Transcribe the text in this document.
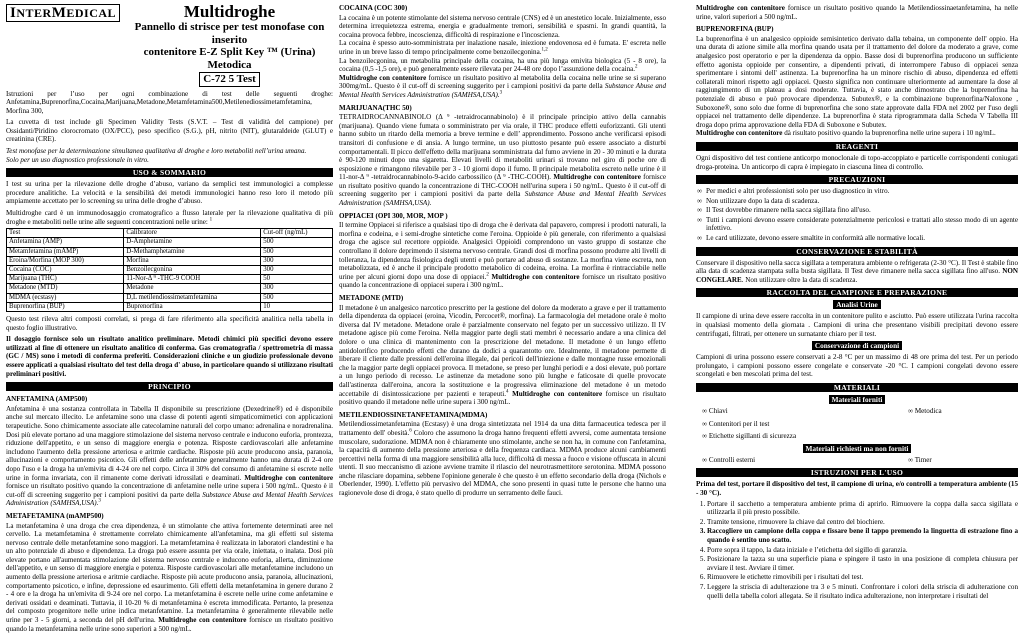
INTERMEDICAL	Multidroghe
Pannello di strisce per test monofase con inserito
contenitore E-Z Split Key ™ (Urina)
Metodica
C-72 5 Test

Istruzioni per l’uso per ogni combinazione di test delle seguenti droghe: Anfetamina,Buprenorfina,Cocaina,Marijuana,Metadone,Metamfetamina500,Metilenediossimetamfetamina, Morfina 300,

La cuvetta di test include gli Specimen Validity Tests (S.V.T. – Test di validità del campione) per Ossidanti/Piridino clorocromato (OX/PCC), peso specifico (S.G.), pH, nitrito (NIT), glutaraldeide (GLUT) e creatinina (CRE).

Test monofase per la determinazione simultanea qualitativa di droghe e loro metaboliti nell’urina umana.

Solo per un uso diagnostico professionale in vitro.

USO & SOMMARIO

I test su urina per la rilevazione delle droghe d’abuso, variano da semplici test immunologici a complesse procedure analitiche. La velocità e la sensibilità dei metodi immunologici hanno reso loro il metodo più ampiamente accettato per lo screening su urina delle droghe d’abuso.

Multidroghe card è un immunodosaggio cromatografico a flusso laterale per la rilevazione qualitativa di più droghe e metaboliti nelle urine alle seguenti concentrazioni nelle urine: $^1$

Test	Calibratore	Cut-off (ng/mL)
Anfetamina (AMP)	D-Amphetamine	500
Metamfetamina (mAMP)	D-Methamphetamine	500
Eroina/Morfina (MOP 300)	Morfina	300
Cocaina (COC)	Benzoilecgonina	300
Marijuana (THC)	11-Nor-Δ ⁹ -THC-9 COOH	50
Metadone (MTD)	Metadone	300
MDMA (ecstasy)	D,L metilendiossimetamfetamina	500
Buprenorfina (BUP)	Buprenorfina	10

Questo test rileva altri composti correlati, si prega di fare riferimento alla specificità analitica nella tabella in questo foglio illustrativo.

Il dosaggio fornisce solo un risultato analitico preliminare. Metodi chimici più specifici devono essere utilizzati al fine di ottenere un risultato analitico di conferma. Gas cromatografia / spettrometria di massa (GC / MS) sono i metodi di conferma preferiti. Considerazioni cliniche e un giudizio professionale devono essere applicati a qualsiasi risultato del test della droga d' abuso, in particolare quando si utilizzano risultati preliminari positivi.

PRINCIPIO
ANFETAMINA (AMP500)

Anfetamina è una sostanza controllata in Tabella II disponibile su prescrizione (Dexedrine®) ed è disponibile anche sul mercato illecito. Le anfetamine sono una classe di potenti agenti simpaticomimetici con applicazioni terapeutiche. Sono chimicamente associate alle catecolamine naturali del corpo umano: adrenalina e noradrenalina. Dosi più elevate portano ad una maggiore stimolazione del sistema nervoso centrale e inducono euforia, prontezza, riduzione dell'appetito, e un senso di maggiore energia e potenza. Risposte cardiovascolari alle anfetamine includono l'aumento della pressione arteriosa e aritmie cardiache. Risposte più acute producono ansia, paranoia, allucinazioni e comportamento psicotico. Gli effetti delle anfetamine generalmente hanno una durata di 2-4 ore dopo l'uso e la droga ha un'emivita di 4-24 ore nel corpo. Circa il 30% del consumo di anfetamine si escrete nelle urine in forma invariata, con il rimanente come derivati idrossilati e deaminati. Multidroghe con contenitore fornisce un risultato positivo quando la concentrazione di anfetamine nelle urine supera i 500 ng/mL. Questo è il cut-off di screening suggerito per i campioni positivi da parte della Substance Abuse and Mental Health Services Administration (SAMHSA,USA).$^3$

METAFETAMINA (mAMP500)

La metanfetamina è una droga che crea dipendenza, è un stimolante che attiva fortemente determinati aree nel cervello. La metamfetamina è strettamente correlato chimicamente all'anfetamina, ma gli effetti sul sistema nervoso centrale delle metanfetamine sono maggiori. La metamfetamina è realizzata in laboratori clandestini e ha un alto potenziale di abuso e dipendenza. La droga può essere assunta per via orale, iniettata, o inalata. Dosi più elevate portano all'aumentata stimolazione del sistema nervoso centrale e inducono euforia, allerta, diminuzione dell'appetito, e un senso di maggiore energia e potenza. Risposte cardiovascolari alle metanfetamine includono un aumento della pressione arteriosa e aritmie cardiache. Risposte più acute producono ansia, paranoia, allucinazioni, comportamento psicotico, e infine, depressione ed esaurimento. Gli effetti della metanfetamina in genere durano 2 - 4 ore e la droga ha un'emivita di 9-24 ore nel corpo. La metanfetamina è escrete nelle urine come anfetamine e derivati ossidati e deaminati. Tuttavia, il 10-20 % di metanfetamina è escreta immodificata. Pertanto, la presenza del composto progenitore nelle urine indica metanfetamine. La metanfetamina è generalmente rilevabile nelle urine per 3 - 5 giorni, a seconda del pH dell'urina. Multidroghe con contenitore fornisce un risultato positivo quando la metanfetamina nelle urine sono superiori a 500 ng/mL.

COCAINA (COC 300)

La cocaina è un potente stimolante del sistema nervoso centrale (CNS) ed è un anestetico locale. Inizialmente, esso determina irrequietezza estrema, energia e gradualmente tremori, sensibilità e spasmi. In grandi quantità, la cocaina provoca febbre, incoscienza, difficoltà di respirazione e l'incoscienza.

La cocaina è spesso auto-somministrata per inalazione nasale, iniezione endovenosa ed è fumata. E' escreta nelle urine in un breve lasso di tempo principalmente come benzoilecgonina.$^{1,2}$

La benzoilecgonina, un metabolita principale della cocaina, ha una più lunga emivita biologica (5 - 8 ore), la cocaina (0,5 -1,5 ore), e può generalmente essere rilevata per 24-48 ore dopo l’assunzione della cocaina.$^2$

Multidroghe con contenitore fornisce un risultato positivo al metabolita della cocaina nelle urine se si superano 300mg/mL. Questo è il cut-off di screening suggerito per i campioni positivi da parte della Substance Abuse and Mental Health Services Administration (SAMHSA,USA).$^3$

MARIJUANA(THC 50)

TETRAIDROCANNABINOLO (Δ ⁹ -tetraidrocannabinolo) è il principale principio attivo della cannabis (marijuana). Quando viene fumata o somministrato per via orale, il THC produce effetti euforizzanti. Gli utenti hanno subito un ritardo della memoria a breve termine e dell’ apprendimento. Possono anche verificarsi episodi transitori di confusione e di ansia. A lungo termine, un uso piuttosto pesante può essere associato a disturbi comportamentali. Il picco dell'effetto della marijuana somministrata dal fumo avviene in 20 - 30 minuti e la durata è 90-120 minuti dopo una sigaretta. Elevati livelli di metaboliti urinari si trovano nel giro di poche ore di esposizione e rimangono rilevabile per 3 - 10 giorni dopo il fumo. Il principale metabolita escreto nelle urine è il 11-nor-Δ ⁹ -tetraidrocannabinolo-9-acido carbossilico (Δ ⁹ -THC-COOH). Multidroghe con contenitore fornisce un risultato positivo quando la concentrazione di THC-COOH nell'urina supera i 50 ng/mL. Questo è il cut-off di screening suggerito per i campioni positivi da parte della Substance Abuse and Mental Health Services Administration (SAMHSA,USA).

OPPIACEI (OPI 300, MOR, MOP )

Il termine Oppiacei si riferisce a qualsiasi tipo di droga che è derivata dal papavero, compresi i prodotti naturali, la morfina e codeina, e i semi-droghe sintetiche come l'eroina. Oppioide è più generale, con riferimento a qualsiasi droga che agisce sul recettore oppioide. Analgesici Oppioidi comprendono un vasto gruppo di sostanze che controllano il dolore deprimendo il sistema nervoso centrale. Grandi dosi di morfina possono produrre alti livelli di tolleranza, la dipendenza fisiologica degli utenti e può portare ad abuso di sostanze. La morfina viene escreta, non metabolizzata, ed è anche il principale prodotto metabolico di codeina, eroina. La morfina è rintracciabile nelle urine per alcuni giorni dopo una dose di oppiacei.$^2$ Multidroghe con contenitore fornisce un risultato positivo quando la concentrazione di oppiacei supera i 300 ng/mL.

METADONE (MTD)

Il metadone è un analgesico narcotico prescritto per la gestione del dolore da moderato a grave e per il trattamento della dipendenza da oppiacei (eroina, Vicodin, Percocet®, morfina). La farmacologia del metadone orale è molto diversa dal IV metadone. Metadone orale è parzialmente conservato nel fegato per un successivo utilizzo. Il IV metadone agisce più come l'eroina. Nella maggior parte degli stati membri è necessario andare a una clinica del dolore o una clinica di mantenimento con la prescrizione del metadone. Il metadone è un lungo effetto antidolorifico producendo effetti che durano da dodici a quarantotto ore. Idealmente, il metadone permette di liberare il cliente dalle pressioni dell'eroina illegale, dai pericoli dell'iniezione e dalle montagne russe emozionali che la maggior parte degli oppiacei provoca. Il metadone, se preso per lunghi periodi e a dosi elevate, può portare a un lungo periodo di recesso. Le astinenze da metadone sono più lunghe e faticosate di quelle provocate dall'astinenza dall'eroina, ancora la sostituzione e la progressiva eliminazione del metadone è un metodo accettabile di disintossicazione per pazienti e terapeuti.$^4$ Multidroghe con contenitore fornisce un risultato positivo quando il metadone nelle urine supera i 300 ng/mL.

METILENDIOSSINETANFETAMINA(MDMA)

Metilendiossimetanfetamina (Ecstasy) è una droga sintetizzata nel 1914 da una ditta farmaceutica tedesca per il trattamento dell' obesità.$^6$ Coloro che assumono la droga hanno frequenti effetti avversi, come aumentata tensione muscolare, sudorazione. MDMA non è chiaramente uno stimolante, anche se non ha, in comune con l'anfetamina, la capacità di aumento della pressione arteriosa e della frequenza cardiaca. MDMA produce alcuni cambiamenti percettivi nella forma di una maggiore sensibilità alla luce, difficoltà di messa a fuoco e visione offuscata in alcuni utenti. Il suo meccanismo di azione avviene tramite il rilascio del neurotrasmettitore serotonina. MDMA possono anche rilasciare dopamina, sebbene l'opinione generale è che questo è un effetto secondario della droga (Nichols e Oberlender, 1990). L'effetto più pervasivo del MDMA, che sono presenti in quasi tutte le persone che hanno una ragionevole dose di droga, è stato quello di produrre un serramento delle fauci.

Multidroghe con contenitore fornisce un risultato positivo quando la Metilendiossinaetanfetamina, ha nelle urine, valori superiori a 500 ng/mL.

BUPRENORFINA (BUP)

La buprenorfina è un analgesico oppioide semisintetico derivato dalla tebaina, un componente dell' oppio. Ha una durata di azione simile alla morfina quando usata per il trattamento del dolore da moderato a grave, come analgesico post operatorio e per la dipendenza da oppio. Basse dosi di buprenorfina producono un sufficiente effetto agonista oppioide per consentire, a dipendenti privati, di interrompere l'abuso di oppiacei senza sperimentare i sintomi dell' astinenza. La buprenorfina ha un minore rischio di abuso, dipendenza ed effetti collaterali minori rispetto agli oppiacei. Questo significa non continuare ulteriormente ad aumentare la dose al raggiungimento di un plateau a dosi moderate. Tuttavia, è stato anche dimostrato che la buprenorfina ha potenziale di abuso e può provocare dipendenza. Subutex®, e la combinazione buprenorfina/Naloxone , Suboxone®, sono solo due forme di buprenorfina che sono state approvate dalla FDA nel 2002 per l'uso degli oppiacei nel trattamento delle dipendenze. La buprenorfina è stata riprogrammata dalla Scheda V Tabella III droga dopo prima approvazione della FDA di Suboxone e Subutex.
Multidroghe con contenitore dà risultato positivo quando la buprenorfina nelle urine supera i 10 ng/mL.

REAGENTI

Ogni dispositivo del test contiene anticorpo monoclonale di topo-accoppiato e particelle corrispondenti coniugati droga-proteina. Un anticorpo di capra è impiegato in ciascuna linea di controllo.

PRECAUZIONI
∞ Per medici e altri professionisti solo per uso diagnostico in vitro.
∞ Non utilizzare dopo la data di scadenza.
∞ Il Test dovrebbe rimanere nella sacca sigillata fino all'uso.
∞ Tutti i campioni devono essere considerate potenzialmente pericolosi e trattati allo stesso modo di un agente infettivo.
∞ Le card utilizzate, devono essere smaltite in conformità alle normative locali.
CONSERVAZIONE E STABILITÀ

Conservare il dispositivo nella sacca sigillata a temperatura ambiente o refrigerata (2-30 °C). Il Test è stabile fino alla data di scadenza stampata sulla busta sigillata. Il Test deve rimanere nella sacca sigillata fino all'uso. NON CONGELARE. Non utilizzare oltre la data di scadenza.

RACCOLTA DEL CAMPIONE E PREPARAZIONE
Analisi Urine

Il campione di urina deve essere raccolta in un contenitore pulito e asciutto. Può essere utilizzata l'urina raccolta in qualsiasi momento della giornata . Campioni di urina che presentano visibili precipitati devono essere centrifugati, filtrati, per ottenere un surnatante chiaro per il test.

Conservazione di campioni

Campioni di urina possono essere conservati a 2-8 °C per un massimo di 48 ore prima del test. Per un periodo prolungato, i campioni possono essere congelate e conservate -20 °C. I campioni congelati devono essere scongelati e ben mescolati prima del test.

MATERIALI
Materiali forniti
∞ Chiavi	∞ Metodica
∞ Contenitori per il test
∞ Etichette sigillanti di sicurezza
Materiali richiesti ma non forniti
∞ Controlli esterni	∞ Timer
ISTRUZIONI PER L'USO

Prima del test, portare il dispositivo del test, il campione di urina, e/o controlli a temperatura ambiente (15 - 30 °C).

1. Portare il sacchetto a temperatura ambiente prima di aprirlo. Rimuovere la coppa dalla sacca sigillata e utilizzarla il più presto possibile.
2. Tramite tensione, rimuovere la chiave dal centro del biochiere.
3. Raccogliere un campione della coppa e fissare bene il tappo premendo la linguetta di estrazione fino a quando è sentito uno scatto.
4. Porre sopra il tappo, la data iniziale e l’etichetta del sigillo di garanzia.
5. Posizionare la tazza su una superficie piana e spingere il tasto in una posizione di completa chiusura per avviare il test. Avviare il timer.
6. Rimuovere le etichette rimovibili per i risultati del test.
7. Leggere la striscia di adulterazione tra 3 e 5 minuti. Confrontare i colori della striscia di adulterazione con quelli della tabella colori allegata. Se il risultato indica adulterazione, non interpretare i risultati del
